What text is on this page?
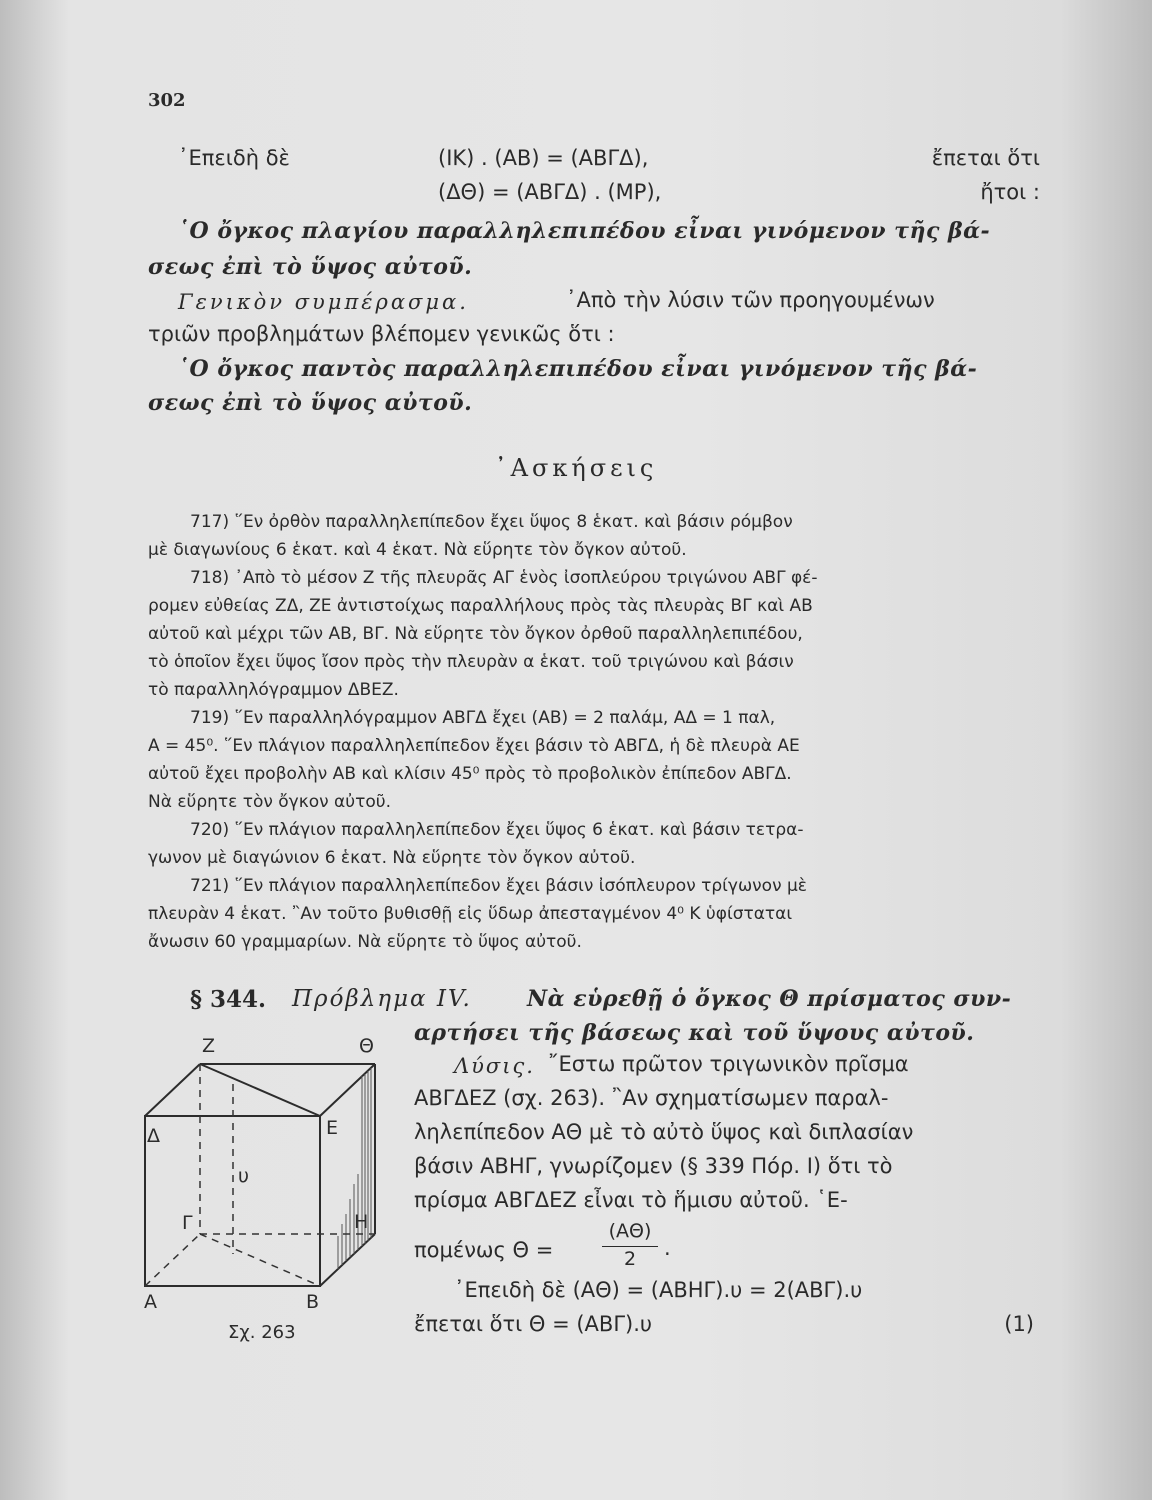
302
᾿Επειδὴ δὲ	(ΙΚ) . (ΑΒ) = (ΑΒΓΔ),	ἔπεται ὅτι
(ΔΘ) = (ΑΒΓΔ) . (ΜΡ),	ἤτοι :
῾Ο ὄγκος πλαγίου παραλληλεπιπέδου εἶναι γινόμενον τῆς βά-
σεως ἐπὶ τὸ ὕψος αὐτοῦ.
Γενικὸν συμπέρασμα.	᾿Απὸ τὴν λύσιν τῶν προηγουμένων
τριῶν προβλημάτων βλέπομεν γενικῶς ὅτι :
῾Ο ὄγκος παντὸς παραλληλεπιπέδου εἶναι γινόμενον τῆς βά-
σεως ἐπὶ τὸ ὕψος αὐτοῦ.
᾿Ασκήσεις
717) ῞Εν ὀρθὸν παραλληλεπίπεδον ἔχει ὕψος 8 ἑκατ. καὶ βάσιν ρόμβον
μὲ διαγωνίους 6 ἑκατ. καὶ 4 ἑκατ. Νὰ εὕρητε τὸν ὄγκον αὐτοῦ.
718) ᾿Απὸ τὸ μέσον Ζ τῆς πλευρᾶς ΑΓ ἑνὸς ἰσοπλεύρου τριγώνου ΑΒΓ φέ-
ρομεν εὐθείας ΖΔ, ΖΕ ἀντιστοίχως παραλλήλους πρὸς τὰς πλευρὰς ΒΓ καὶ ΑΒ
αὐτοῦ καὶ μέχρι τῶν ΑΒ, ΒΓ. Νὰ εὕρητε τὸν ὄγκον ὀρθοῦ παραλληλεπιπέδου,
τὸ ὁποῖον ἔχει ὕψος ἴσον πρὸς τὴν πλευρὰν α ἑκατ. τοῦ τριγώνου καὶ βάσιν
τὸ παραλληλόγραμμον ΔΒΕΖ.
719) ῞Εν παραλληλόγραμμον ΑΒΓΔ ἔχει (ΑΒ) = 2 παλάμ, ΑΔ = 1 παλ,
Α = 45⁰. ῞Εν πλάγιον παραλληλεπίπεδον ἔχει βάσιν τὸ ΑΒΓΔ, ἡ δὲ πλευρὰ ΑΕ
αὐτοῦ ἔχει προβολὴν ΑΒ καὶ κλίσιν 45⁰ πρὸς τὸ προβολικὸν ἐπίπεδον ΑΒΓΔ.
Νὰ εὕρητε τὸν ὄγκον αὐτοῦ.
720) ῞Εν πλάγιον παραλληλεπίπεδον ἔχει ὕψος 6 ἑκατ. καὶ βάσιν τετρα-
γωνον μὲ διαγώνιον 6 ἑκατ. Νὰ εὕρητε τὸν ὄγκον αὐτοῦ.
721) ῞Εν πλάγιον παραλληλεπίπεδον ἔχει βάσιν ἰσόπλευρον τρίγωνον μὲ
πλευρὰν 4 ἑκατ. ῍Αν τοῦτο βυθισθῇ εἰς ὕδωρ ἀπεσταγμένον 4⁰ Κ ὑφίσταται
ἄνωσιν 60 γραμμαρίων. Νὰ εὕρητε τὸ ὕψος αὐτοῦ.
§ 344. Πρόβλημα IV.	Νὰ εὑρεθῇ ὁ ὄγκος Θ πρίσματος συν-
αρτήσει τῆς βάσεως καὶ τοῦ ὕψους αὐτοῦ.
Λύσις. ῎Εστω πρῶτον τριγωνικὸν πρῖσμα
ΑΒΓΔΕΖ (σχ. 263). ῍Αν σχηματίσωμεν παραλ-
ληλεπίπεδον ΑΘ μὲ τὸ αὐτὸ ὕψος καὶ διπλασίαν
βάσιν ΑΒΗΓ, γνωρίζομεν (§ 339 Πόρ. Ι) ὅτι τὸ
πρίσμα ΑΒΓΔΕΖ εἶναι τὸ ἥμισυ αὐτοῦ. ῾Ε-
πομένως Θ =
(ΑΘ)
2	.
᾿Επειδὴ δὲ (ΑΘ) = (ΑΒΗΓ).υ = 2(ΑΒΓ).υ
ἔπεται ὅτι Θ = (ΑΒΓ).υ	(1)
Z	Θ
Δ	E
υ
Γ	H
A	B
Σχ. 263
